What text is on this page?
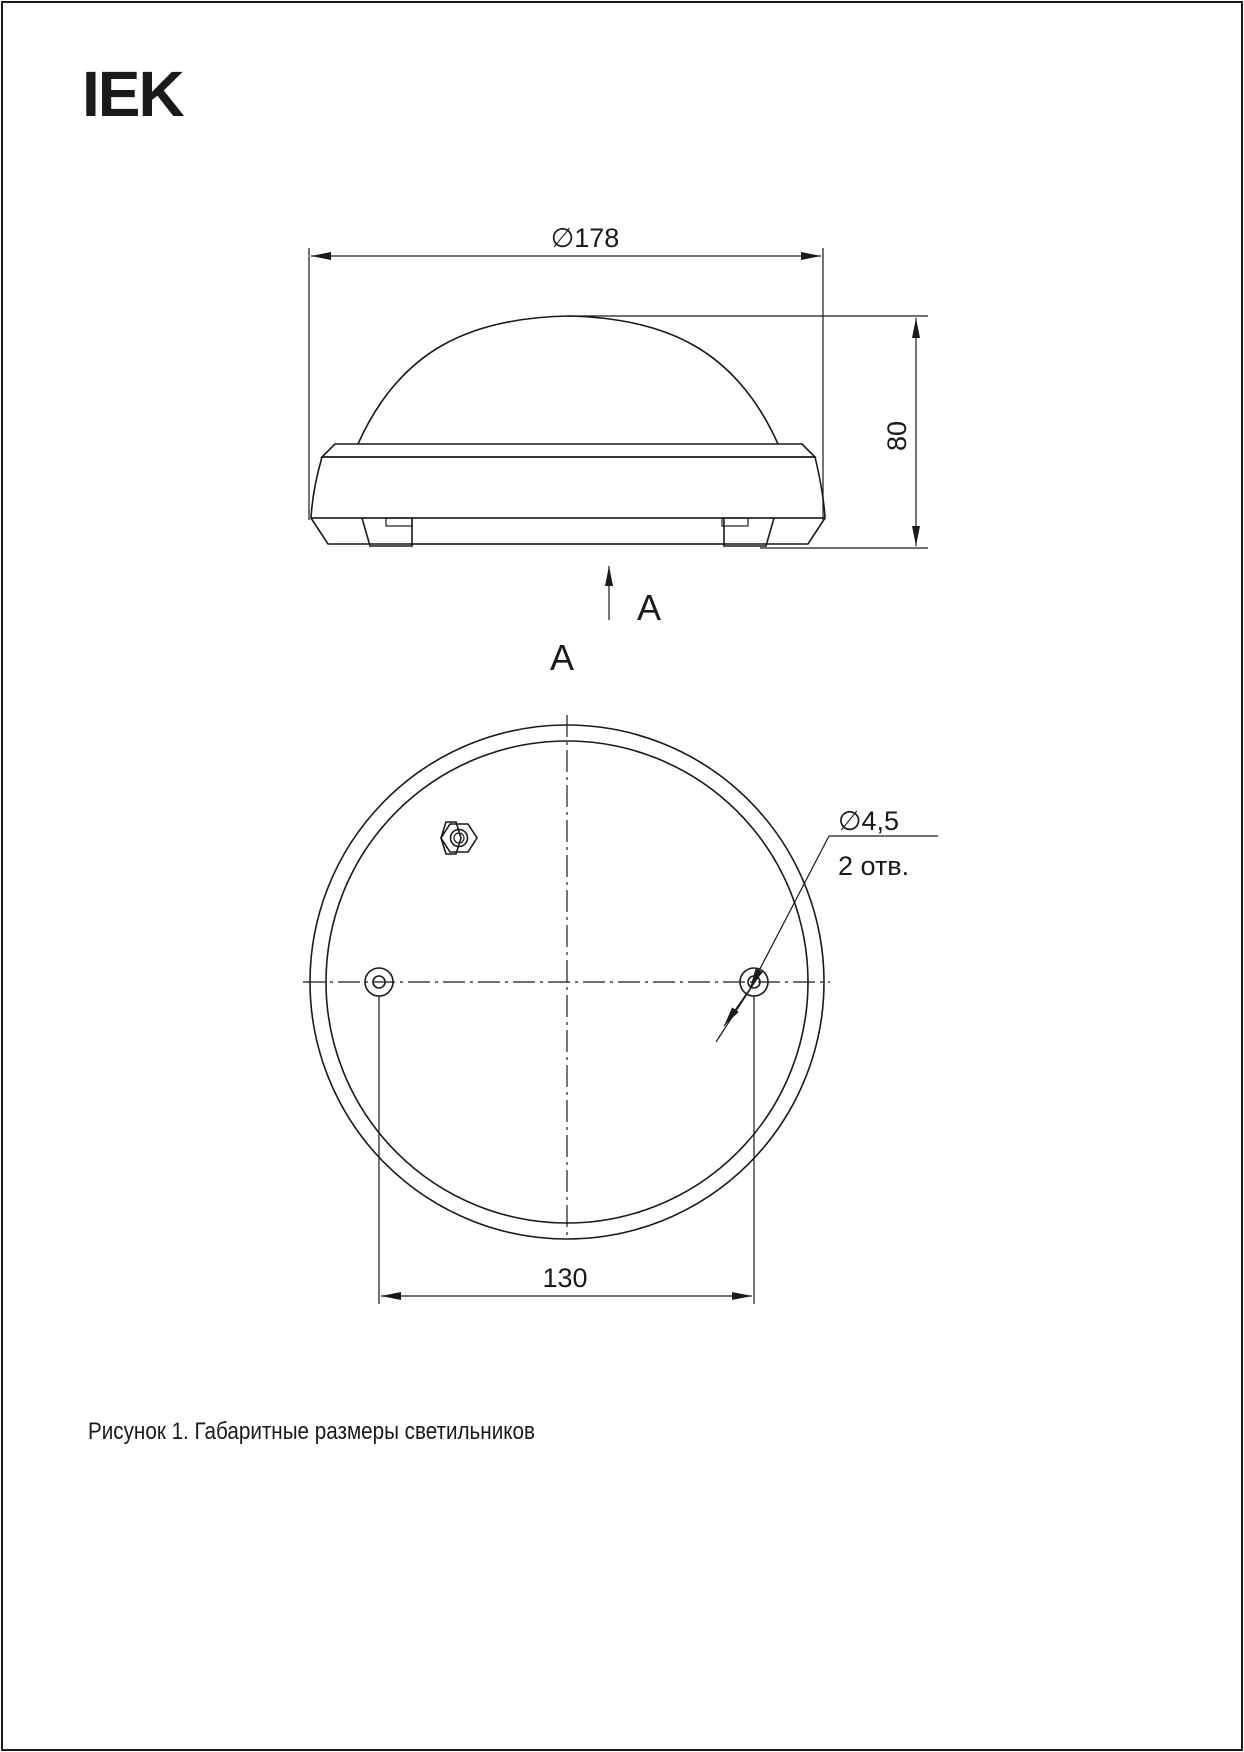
IEK
∅178
80
А
А
130
∅4,5
2 отв.
Рисунок 1. Габаритные размеры светильников
